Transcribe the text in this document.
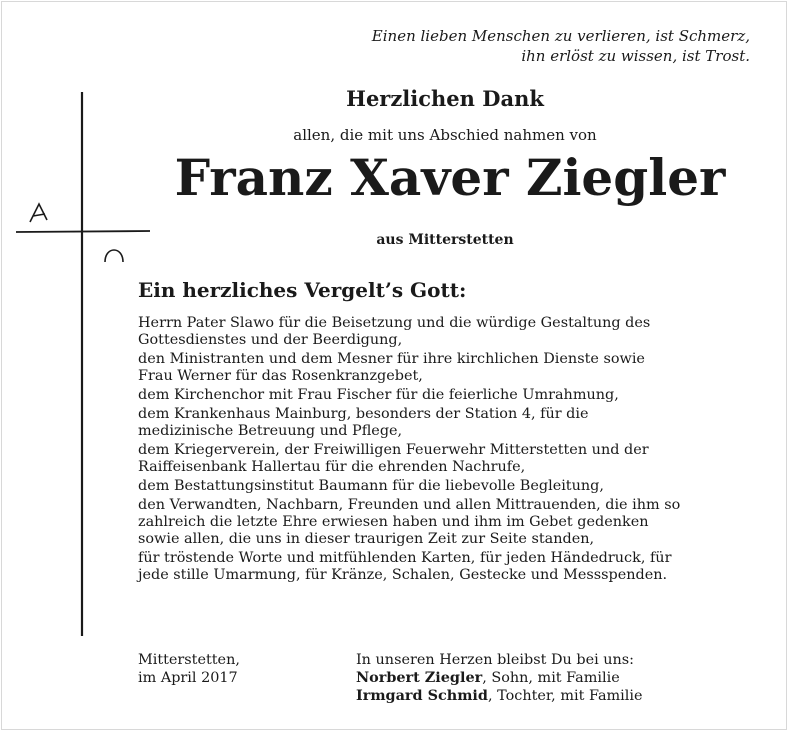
Einen lieben Menschen zu verlieren, ist Schmerz,
ihn erlöst zu wissen, ist Trost.
Herzlichen Dank
allen, die mit uns Abschied nahmen von
Franz Xaver Ziegler
aus Mitterstetten
Ein herzliches Vergelt’s Gott:

Herrn Pater Slawo für die Beisetzung und die würdige Gestaltung des
Gottesdienstes und der Beerdigung,

den Ministranten und dem Mesner für ihre kirchlichen Dienste sowie
Frau Werner für das Rosenkranzgebet,

dem Kirchenchor mit Frau Fischer für die feierliche Umrahmung,

dem Krankenhaus Mainburg, besonders der Station 4, für die
medizinische Betreuung und Pflege,

dem Kriegerverein, der Freiwilligen Feuerwehr Mitterstetten und der
Raiffeisenbank Hallertau für die ehrenden Nachrufe,

dem Bestattungsinstitut Baumann für die liebevolle Begleitung,

den Verwandten, Nachbarn, Freunden und allen Mittrauenden, die ihm so
zahlreich die letzte Ehre erwiesen haben und ihm im Gebet gedenken
sowie allen, die uns in dieser traurigen Zeit zur Seite standen,

für tröstende Worte und mitfühlenden Karten, für jeden Händedruck, für
jede stille Umarmung, für Kränze, Schalen, Gestecke und Messspenden.

Mitterstetten,
im April 2017
In unseren Herzen bleibst Du bei uns:
Norbert Ziegler, Sohn, mit Familie
Irmgard Schmid, Tochter, mit Familie
